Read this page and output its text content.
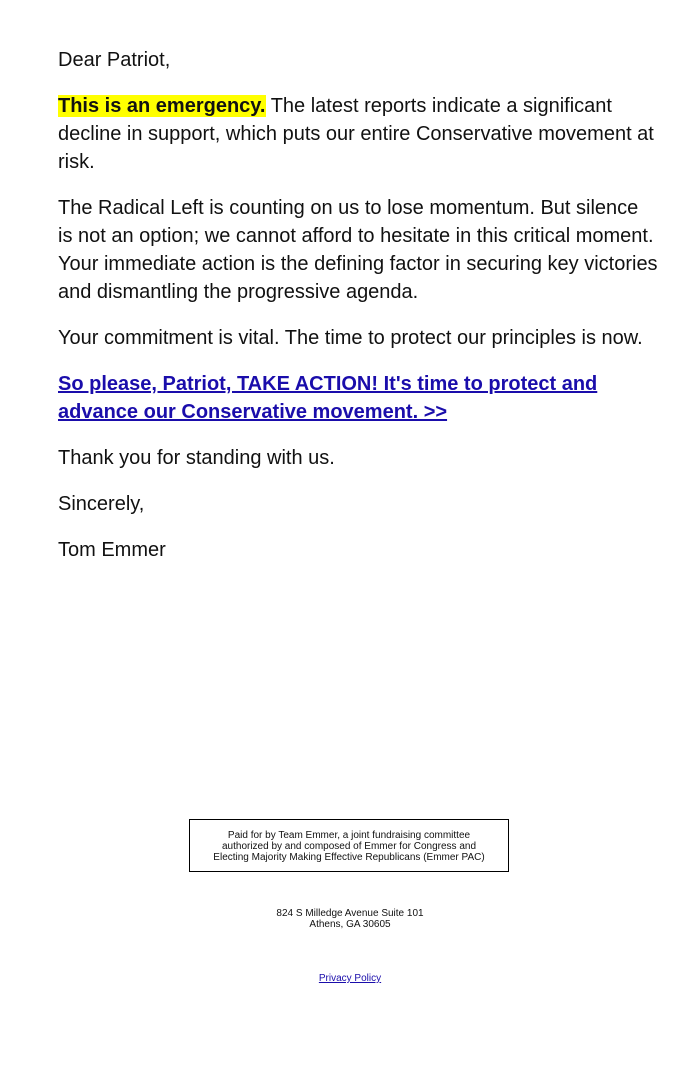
Dear Patriot,

This is an emergency. The latest reports indicate a significant decline in support, which puts our entire Conservative movement at risk.

The Radical Left is counting on us to lose momentum. But silence is not an option; we cannot afford to hesitate in this critical moment. Your immediate action is the defining factor in securing key victories and dismantling the progressive agenda.

Your commitment is vital. The time to protect our principles is now.

So please, Patriot, TAKE ACTION! It's time to protect and
advance our Conservative movement. >>

Thank you for standing with us.

Sincerely,

Tom Emmer

Paid for by Team Emmer, a joint fundraising committee
authorized by and composed of Emmer for Congress and
Electing Majority Making Effective Republicans (Emmer PAC)
824 S Milledge Avenue Suite 101
Athens, GA 30605
Privacy Policy
